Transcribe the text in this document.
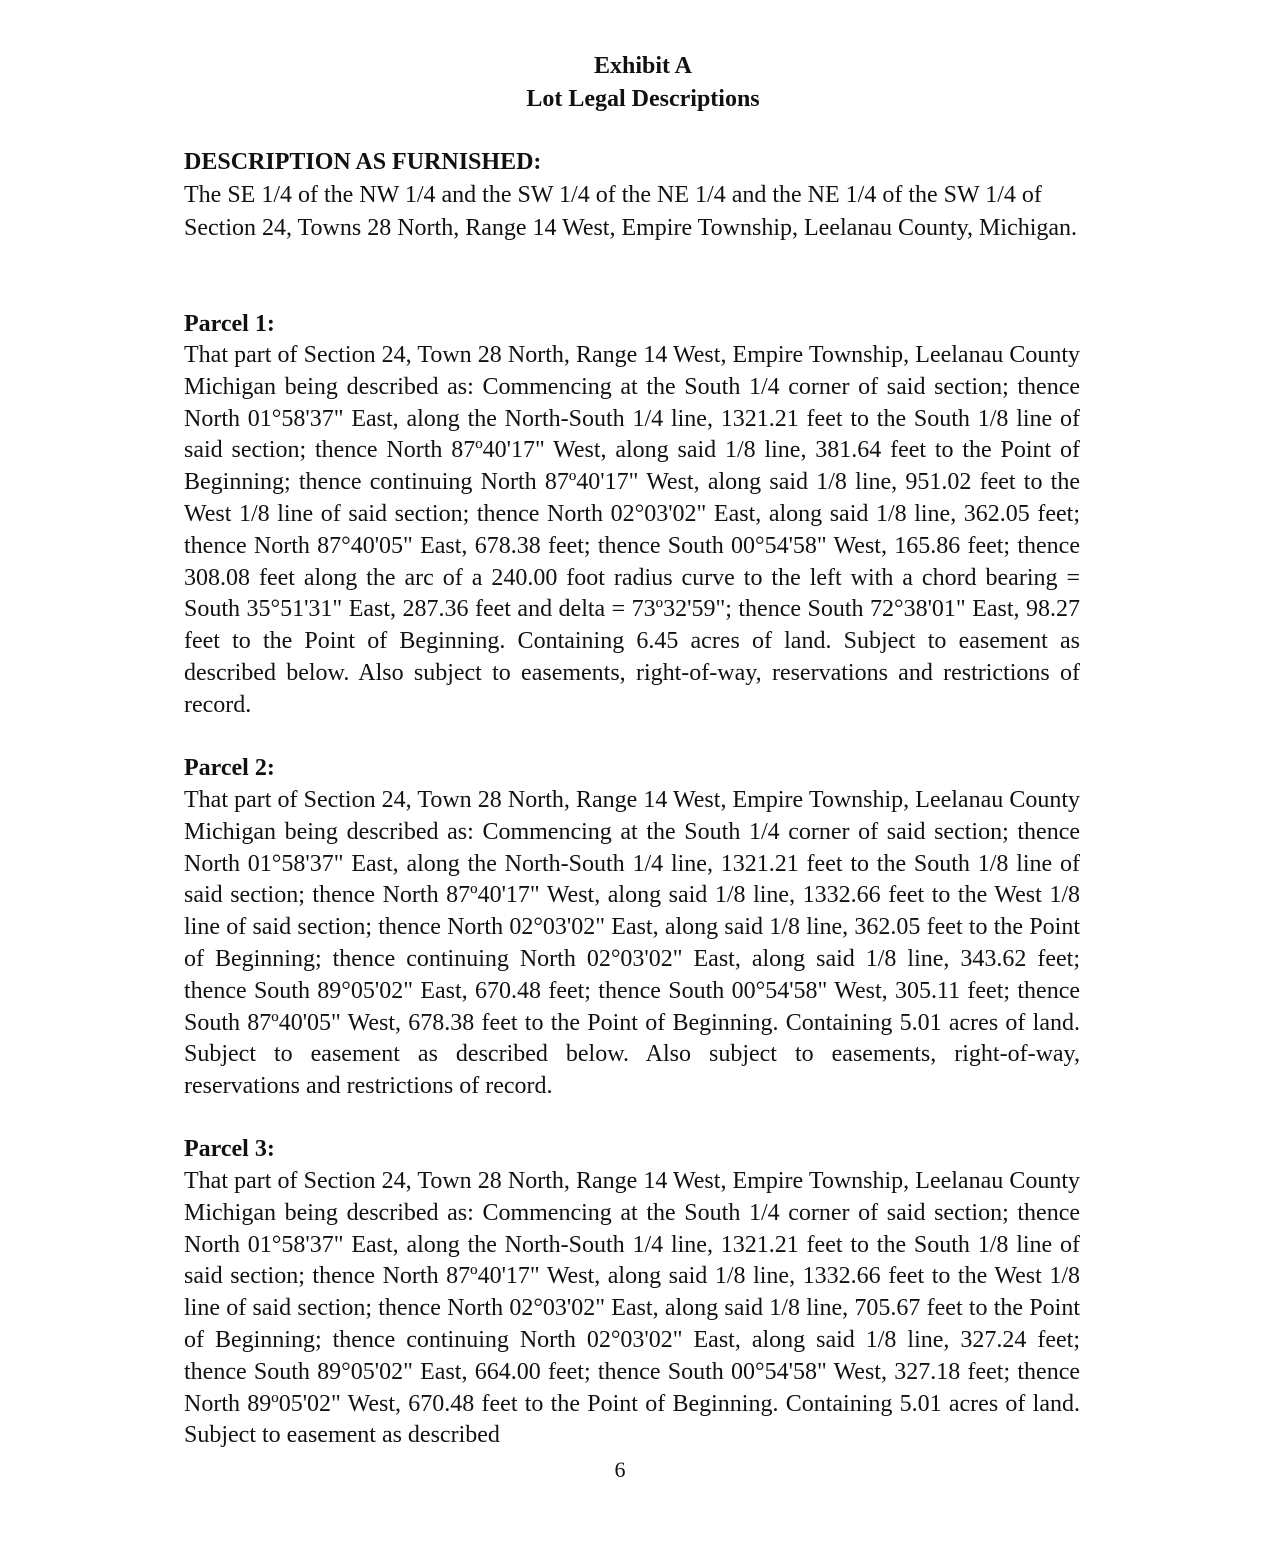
Exhibit A
Lot Legal Descriptions
DESCRIPTION AS FURNISHED:
The SE 1/4 of the NW 1/4 and the SW 1/4 of the NE 1/4 and the NE 1/4 of the SW 1/4 of Section 24, Towns 28 North, Range 14 West, Empire Township, Leelanau County, Michigan.
Parcel 1:
That part of Section 24, Town 28 North, Range 14 West, Empire Township, Leelanau County Michigan being described as: Commencing at the South 1/4 corner of said section; thence North 01°58'37" East, along the North-South 1/4 line, 1321.21 feet to the South 1/8 line of said section; thence North 87º40'17" West, along said 1/8 line, 381.64 feet to the Point of Beginning; thence continuing North 87º40'17" West, along said 1/8 line, 951.02 feet to the West 1/8 line of said section; thence North 02°03'02" East, along said 1/8 line, 362.05 feet; thence North 87°40'05" East, 678.38 feet; thence South 00°54'58" West, 165.86 feet; thence 308.08 feet along the arc of a 240.00 foot radius curve to the left with a chord bearing = South 35°51'31" East, 287.36 feet and delta = 73º32'59"; thence South 72°38'01" East, 98.27 feet to the Point of Beginning. Containing 6.45 acres of land. Subject to easement as described below. Also subject to easements, right-of-way, reservations and restrictions of record.
Parcel 2:
That part of Section 24, Town 28 North, Range 14 West, Empire Township, Leelanau County Michigan being described as: Commencing at the South 1/4 corner of said section; thence North 01°58'37" East, along the North-South 1/4 line, 1321.21 feet to the South 1/8 line of said section; thence North 87º40'17" West, along said 1/8 line, 1332.66 feet to the West 1/8 line of said section; thence North 02°03'02" East, along said 1/8 line, 362.05 feet to the Point of Beginning; thence continuing North 02°03'02" East, along said 1/8 line, 343.62 feet; thence South 89°05'02" East, 670.48 feet; thence South 00°54'58" West, 305.11 feet; thence South 87º40'05" West, 678.38 feet to the Point of Beginning. Containing 5.01 acres of land. Subject to easement as described below. Also subject to easements, right-of-way, reservations and restrictions of record.
Parcel 3:
That part of Section 24, Town 28 North, Range 14 West, Empire Township, Leelanau County Michigan being described as: Commencing at the South 1/4 corner of said section; thence North 01°58'37" East, along the North-South 1/4 line, 1321.21 feet to the South 1/8 line of said section; thence North 87º40'17" West, along said 1/8 line, 1332.66 feet to the West 1/8 line of said section; thence North 02°03'02" East, along said 1/8 line, 705.67 feet to the Point of Beginning; thence continuing North 02°03'02" East, along said 1/8 line, 327.24 feet; thence South 89°05'02" East, 664.00 feet; thence South 00°54'58" West, 327.18 feet; thence North 89º05'02" West, 670.48 feet to the Point of Beginning. Containing 5.01 acres of land. Subject to easement as described
6
